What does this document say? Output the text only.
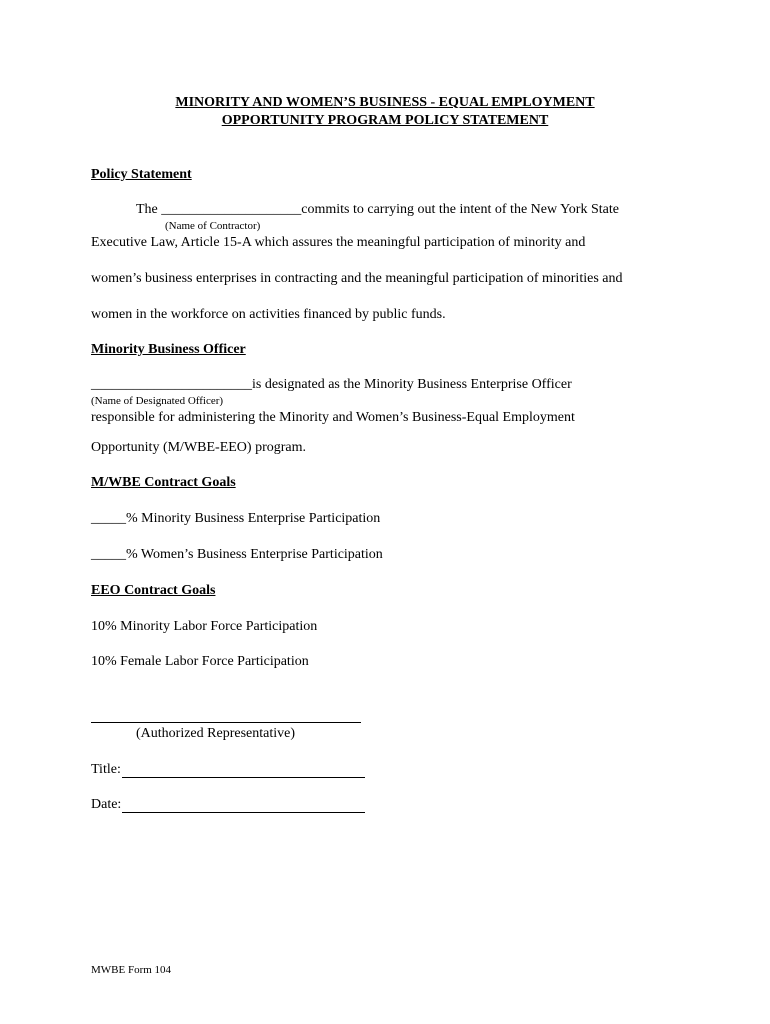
MINORITY AND WOMEN’S BUSINESS - EQUAL EMPLOYMENT
OPPORTUNITY PROGRAM POLICY STATEMENT
Policy Statement
The ____________________commits to carrying out the intent of the New York State
(Name of Contractor)
Executive Law, Article 15-A which assures the meaningful participation of minority and
women’s business enterprises in contracting and the meaningful participation of minorities and
women in the workforce on activities financed by public funds.
Minority Business Officer
_______________________is designated as the Minority Business Enterprise Officer
(Name of Designated Officer)
responsible for administering the Minority and Women’s Business-Equal Employment
Opportunity (M/WBE-EEO) program.
M/WBE Contract Goals
_____% Minority Business Enterprise Participation
_____% Women’s Business Enterprise Participation
EEO Contract Goals
10% Minority Labor Force Participation
10% Female Labor Force Participation
(Authorized Representative)
Title:
Date:
MWBE Form 104
